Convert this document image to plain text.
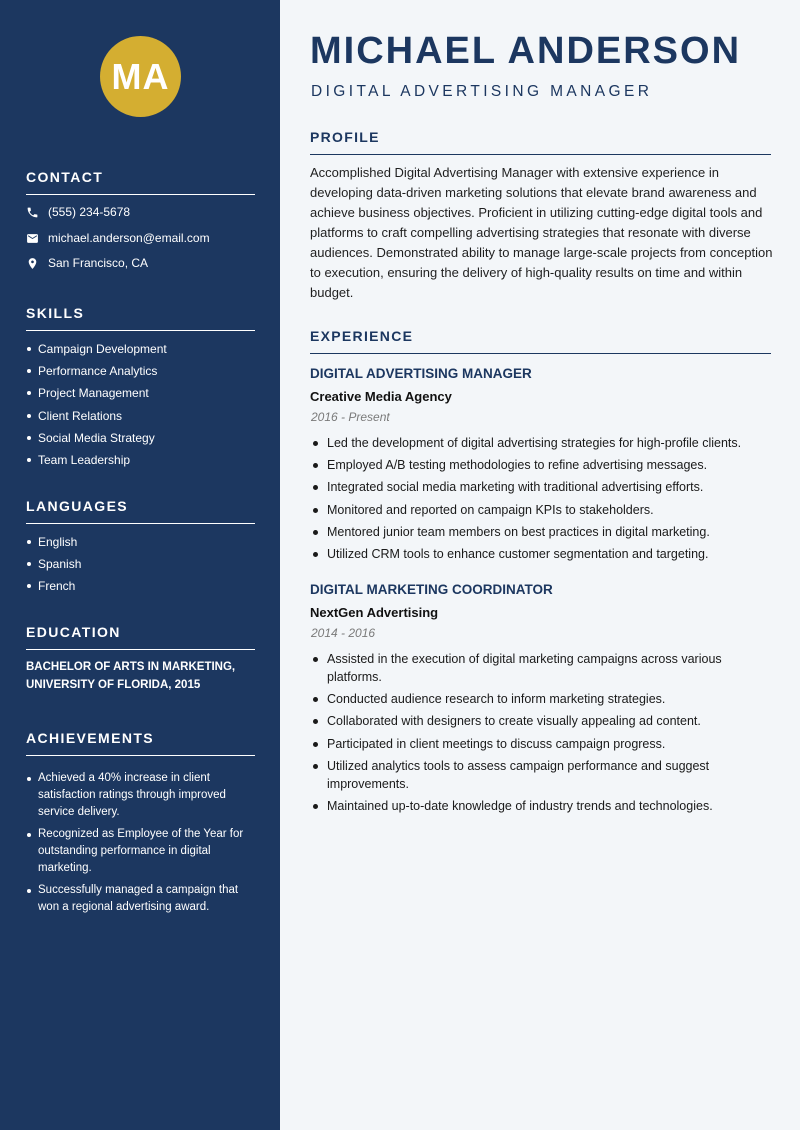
MA
CONTACT
(555) 234-5678
michael.anderson@email.com
San Francisco, CA
SKILLS
Campaign Development
Performance Analytics
Project Management
Client Relations
Social Media Strategy
Team Leadership
LANGUAGES
English
Spanish
French
EDUCATION
BACHELOR OF ARTS IN MARKETING, UNIVERSITY OF FLORIDA, 2015
ACHIEVEMENTS
Achieved a 40% increase in client satisfaction ratings through improved service delivery.
Recognized as Employee of the Year for outstanding performance in digital marketing.
Successfully managed a campaign that won a regional advertising award.
MICHAEL ANDERSON
DIGITAL ADVERTISING MANAGER
PROFILE

Accomplished Digital Advertising Manager with extensive experience in developing data-driven marketing solutions that elevate brand awareness and achieve business objectives. Proficient in utilizing cutting-edge digital tools and platforms to craft compelling advertising strategies that resonate with diverse audiences. Demonstrated ability to manage large-scale projects from conception to execution, ensuring the delivery of high-quality results on time and within budget.

EXPERIENCE
DIGITAL ADVERTISING MANAGER
Creative Media Agency
2016 - Present
Led the development of digital advertising strategies for high-profile clients.
Employed A/B testing methodologies to refine advertising messages.
Integrated social media marketing with traditional advertising efforts.
Monitored and reported on campaign KPIs to stakeholders.
Mentored junior team members on best practices in digital marketing.
Utilized CRM tools to enhance customer segmentation and targeting.
DIGITAL MARKETING COORDINATOR
NextGen Advertising
2014 - 2016
Assisted in the execution of digital marketing campaigns across various platforms.
Conducted audience research to inform marketing strategies.
Collaborated with designers to create visually appealing ad content.
Participated in client meetings to discuss campaign progress.
Utilized analytics tools to assess campaign performance and suggest improvements.
Maintained up-to-date knowledge of industry trends and technologies.
